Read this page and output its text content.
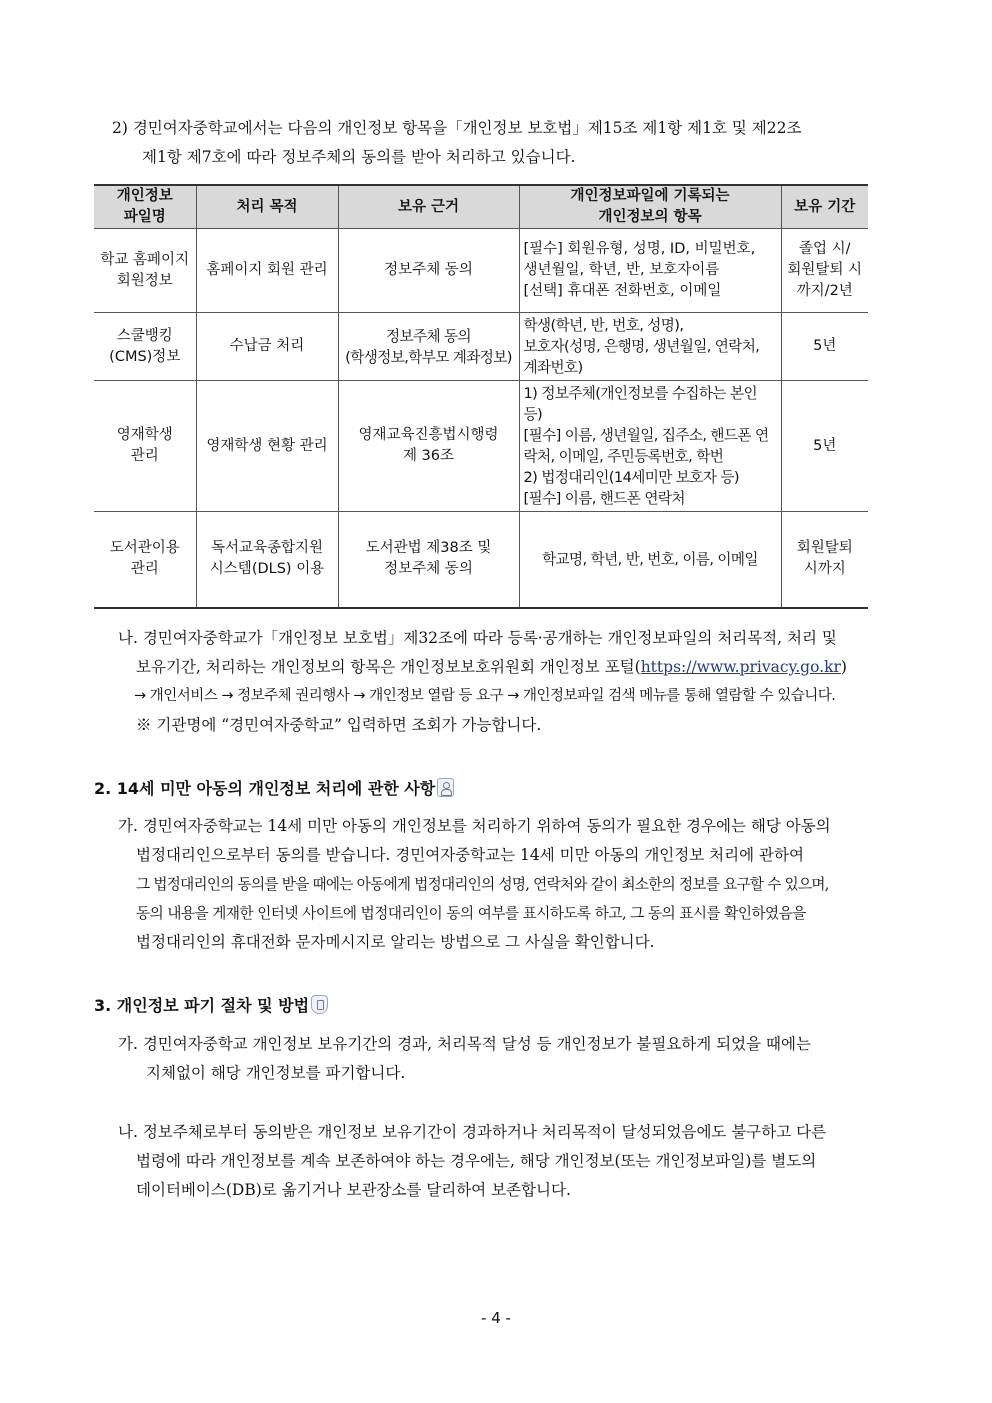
2) 경민여자중학교에서는 다음의 개인정보 항목을「개인정보 보호법」제15조 제1항 제1호 및 제22조
제1항 제7호에 따라 정보주체의 동의를 받아 처리하고 있습니다.
개인정보
파일명	처리 목적	보유 근거	개인정보파일에 기록되는
개인정보의 항목	보유 기간
학교 홈페이지
회원정보	홈페이지 회원 관리	정보주체 동의	[필수] 회원유형, 성명, ID, 비밀번호,
생년월일, 학년, 반, 보호자이름
[선택] 휴대폰 전화번호, 이메일	졸업 시/
회원탈퇴 시
까지/2년
스쿨뱅킹
(CMS)정보	수납금 처리	정보주체 동의
(학생정보,학부모 계좌정보)	학생(학년, 반, 번호, 성명),
보호자(성명, 은행명, 생년월일, 연락처, 계좌번호)	5년
영재학생
관리	영재학생 현황 관리	영재교육진흥법시행령
제 36조	1) 정보주체(개인정보를 수집하는 본인 등)
[필수] 이름, 생년월일, 집주소, 핸드폰 연락처, 이메일, 주민등록번호, 학번
2) 법정대리인(14세미만 보호자 등)
[필수] 이름, 핸드폰 연락처	5년
도서관이용
관리	독서교육종합지원
시스템(DLS) 이용	도서관법 제38조 및
정보주체 동의	학교명, 학년, 반, 번호, 이름, 이메일	회원탈퇴
시까지
나. 경민여자중학교가「개인정보 보호법」제32조에 따라 등록·공개하는 개인정보파일의 처리목적, 처리 및
보유기간, 처리하는 개인정보의 항목은 개인정보보호위원회 개인정보 포털(https://www.privacy.go.kr)
→ 개인서비스 → 정보주체 권리행사 → 개인정보 열람 등 요구 → 개인정보파일 검색 메뉴를 통해 열람할 수 있습니다.
※ 기관명에 “경민여자중학교” 입력하면 조회가 가능합니다.
2. 14세 미만 아동의 개인정보 처리에 관한 사항
가. 경민여자중학교는 14세 미만 아동의 개인정보를 처리하기 위하여 동의가 필요한 경우에는 해당 아동의
법정대리인으로부터 동의를 받습니다. 경민여자중학교는 14세 미만 아동의 개인정보 처리에 관하여
그 법정대리인의 동의를 받을 때에는 아동에게 법정대리인의 성명, 연락처와 같이 최소한의 정보를 요구할 수 있으며,
동의 내용을 게재한 인터넷 사이트에 법정대리인이 동의 여부를 표시하도록 하고, 그 동의 표시를 확인하였음을
법정대리인의 휴대전화 문자메시지로 알리는 방법으로 그 사실을 확인합니다.
3. 개인정보 파기 절차 및 방법
가. 경민여자중학교 개인정보 보유기간의 경과, 처리목적 달성 등 개인정보가 불필요하게 되었을 때에는
지체없이 해당 개인정보를 파기합니다.
나. 정보주체로부터 동의받은 개인정보 보유기간이 경과하거나 처리목적이 달성되었음에도 불구하고 다른
법령에 따라 개인정보를 계속 보존하여야 하는 경우에는, 해당 개인정보(또는 개인정보파일)를 별도의
데이터베이스(DB)로 옮기거나 보관장소를 달리하여 보존합니다.
- 4 -
